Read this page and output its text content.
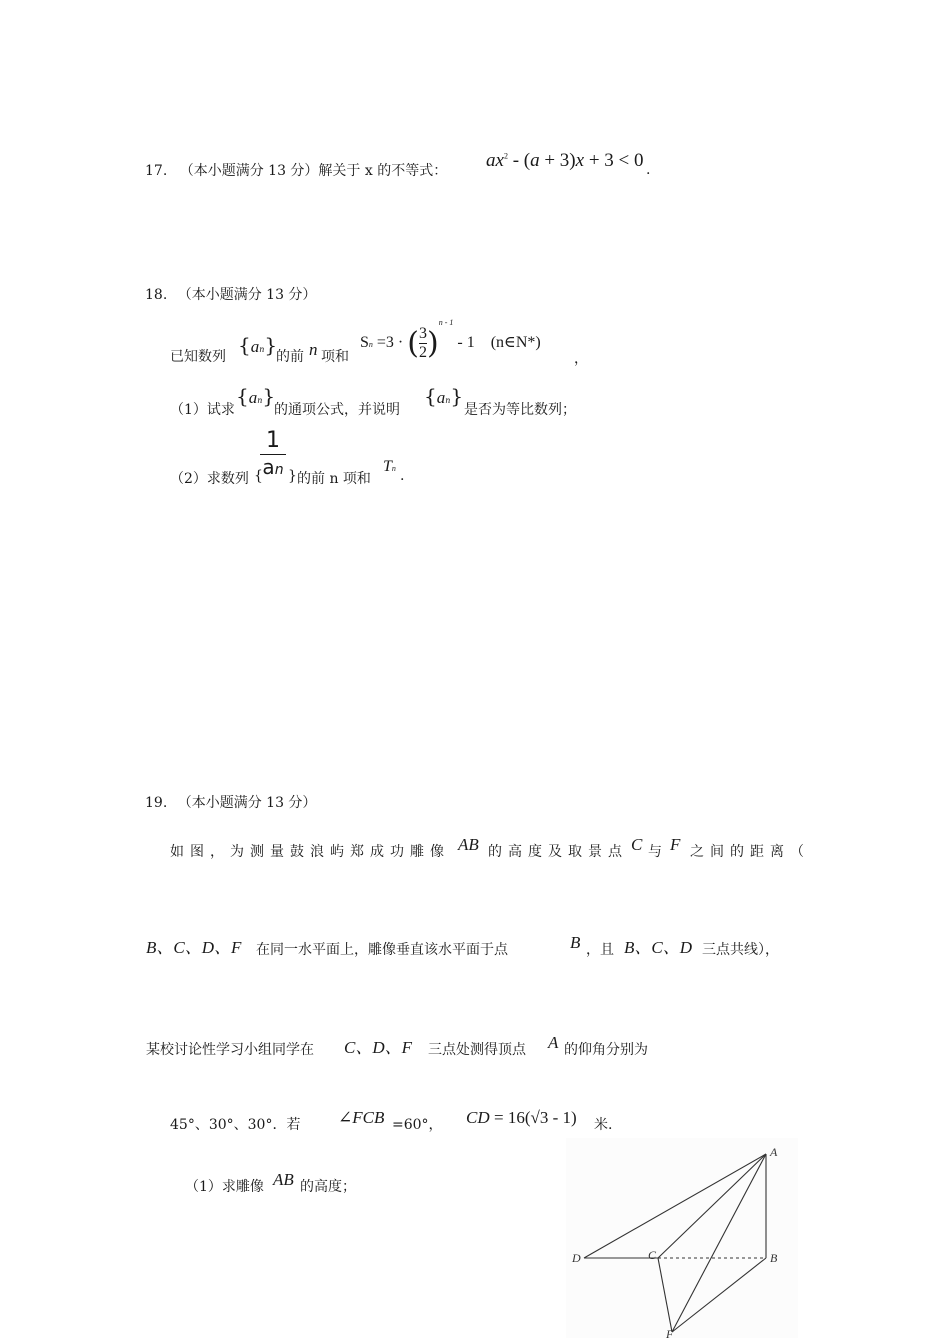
17. （本小题满分 13 分）解关于 x 的不等式： $ax^2 - (a + 3)x + 3 < 0$ .
18. （本小题满分 13 分）
已知数列 {an}
的前 n 项和
Sn =3 · ( $\frac{3}{2} )^{n - 1} - 1$ (n∈N*)
，
（1）试求
{an}
的通项公式，并说明
{an}
是否为等比数列；
（2）求数列 {
1
an } 的前 n 项和
Tn .
19. （本小题满分 13 分）
如图，为测量鼓浪屿郑成功雕像 AB 的高度及取景点 C 与 F 之间的距离（
B、C、D、F 在同一水平面上，雕像垂直该水平面于点	B ，且 B、C、D 三点共线），
某校讨论性学习小组同学在 C、D、F 三点处测得顶点 A 的仰角分别为
45°、30°、30°．若 ∠FCB =60°， CD = 16(√3 - 1) 米.
（1）求雕像 AB 的高度；
A
B
C
D
F
